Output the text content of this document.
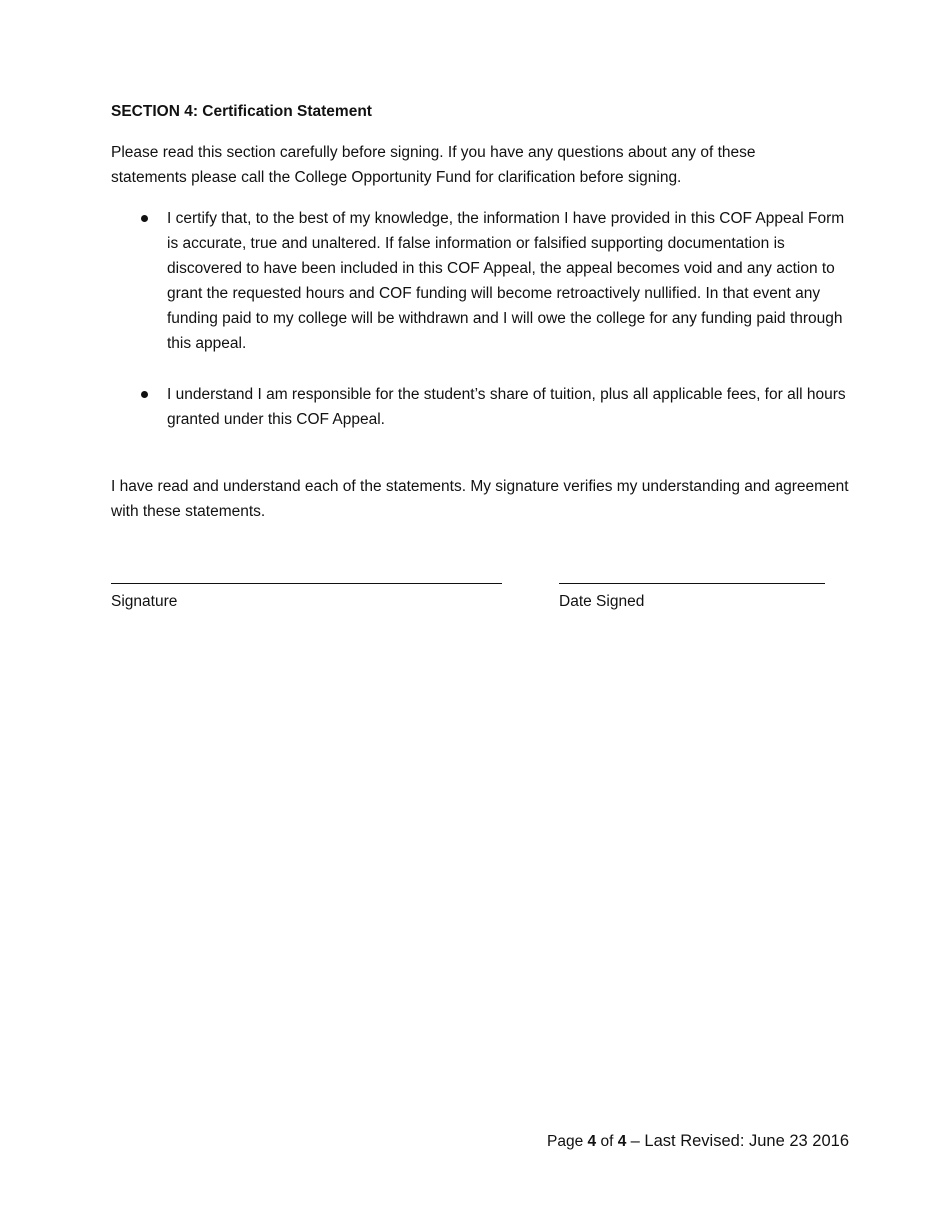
SECTION 4: Certification Statement
Please read this section carefully before signing. If you have any questions about any of these statements please call the College Opportunity Fund for clarification before signing.
I certify that, to the best of my knowledge, the information I have provided in this COF Appeal Form is accurate, true and unaltered. If false information or falsified supporting documentation is discovered to have been included in this COF Appeal, the appeal becomes void and any action to grant the requested hours and COF funding will become retroactively nullified. In that event any funding paid to my college will be withdrawn and I will owe the college for any funding paid through this appeal.
I understand I am responsible for the student’s share of tuition, plus all applicable fees, for all hours granted under this COF Appeal.
I have read and understand each of the statements. My signature verifies my understanding and agreement with these statements.
Signature	Date Signed
Page 4 of 4 – Last Revised: June 23 2016
